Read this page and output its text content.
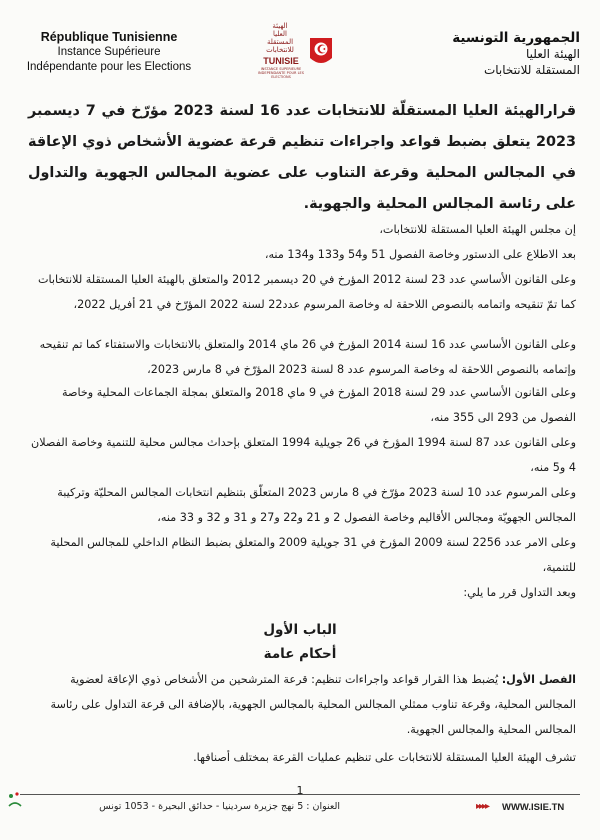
République Tunisienne
Instance Supérieure
Indépendante pour les Elections
الهيئة
العليا
المستقلة
للانتخابات
TUNISIE
INSTANCE SUPERIEURE INDEPENDANTE POUR LES ELECTIONS
الجمهورية التونسية
الهيئة العليا
المستقلة للانتخابات
قرارالهيئة العليا المستقلّة للانتخابات عدد 16 لسنة 2023 مؤرّخ في 7 ديسمبر 2023 يتعلق بضبط قواعد واجراءات تنظيم قرعة عضوية الأشخاص ذوي الإعاقة في المجالس المحلية وقرعة التناوب على عضوية المجالس الجهوية والتداول على رئاسة المجالس المحلية والجهوية.
إن مجلس الهيئة العليا المستقلة للانتخابات،
بعد الاطلاع على الدستور وخاصة الفصول 51 و54 و133 و134 منه،
وعلى القانون الأساسي عدد 23 لسنة 2012 المؤرخ في 20 ديسمبر 2012 والمتعلق بالهيئة العليا المستقلة للانتخابات كما تمّ تنقيحه واتمامه بالنصوص اللاحقة له وخاصة المرسوم عدد22 لسنة 2022 المؤرّخ في 21 أفريل 2022،
وعلى القانون الأساسي عدد 16 لسنة 2014 المؤرخ في 26 ماي 2014 والمتعلق بالانتخابات والاستفتاء كما تم تنقيحه وإتمامه بالنصوص اللاحقة له وخاصة المرسوم عدد 8 لسنة 2023 المؤرّخ في 8 مارس 2023،
وعلى القانون الأساسي عدد 29 لسنة 2018 المؤرخ في 9 ماي 2018 والمتعلق بمجلة الجماعات المحلية وخاصة الفصول من 293 الى 355 منه،
وعلى القانون عدد 87 لسنة 1994 المؤرخ في 26 جويلية 1994 المتعلق بإحداث مجالس محلية للتنمية وخاصة الفصلان 4 و5 منه،
وعلى المرسوم عدد 10 لسنة 2023 مؤرّخ في 8 مارس 2023 المتعلّق بتنظيم انتخابات المجالس المحليّة وتركيبة المجالس الجهويّة ومجالس الأقاليم وخاصة الفصول 2 و 21 و22 و27 و 31 و 32 و 33 منه،
وعلى الامر عدد 2256 لسنة 2009 المؤرخ في 31 جويلية 2009 والمتعلق بضبط النظام الداخلي للمجالس المحلية للتنمية،
وبعد التداول قرر ما يلي:
الباب الأول
أحكام عامة
الفصل الأول: يُضبط هذا القرار قواعد واجراءات تنظيم: قرعة المترشحين من الأشخاص ذوي الإعاقة لعضوية المجالس المحلية، وقرعة تناوب ممثلي المجالس المحلية بالمجالس الجهوية، بالإضافة الى قرعة التداول على رئاسة المجالس المحلية والمجالس الجهوية.
تشرف الهيئة العليا المستقلة للانتخابات على تنظيم عمليات القرعة بمختلف أصنافها.
1
العنوان : 5 نهج جزيرة سردينيا - حدائق البحيرة - 1053 تونس	▸▸▸▸ WWW.ISIE.TN
